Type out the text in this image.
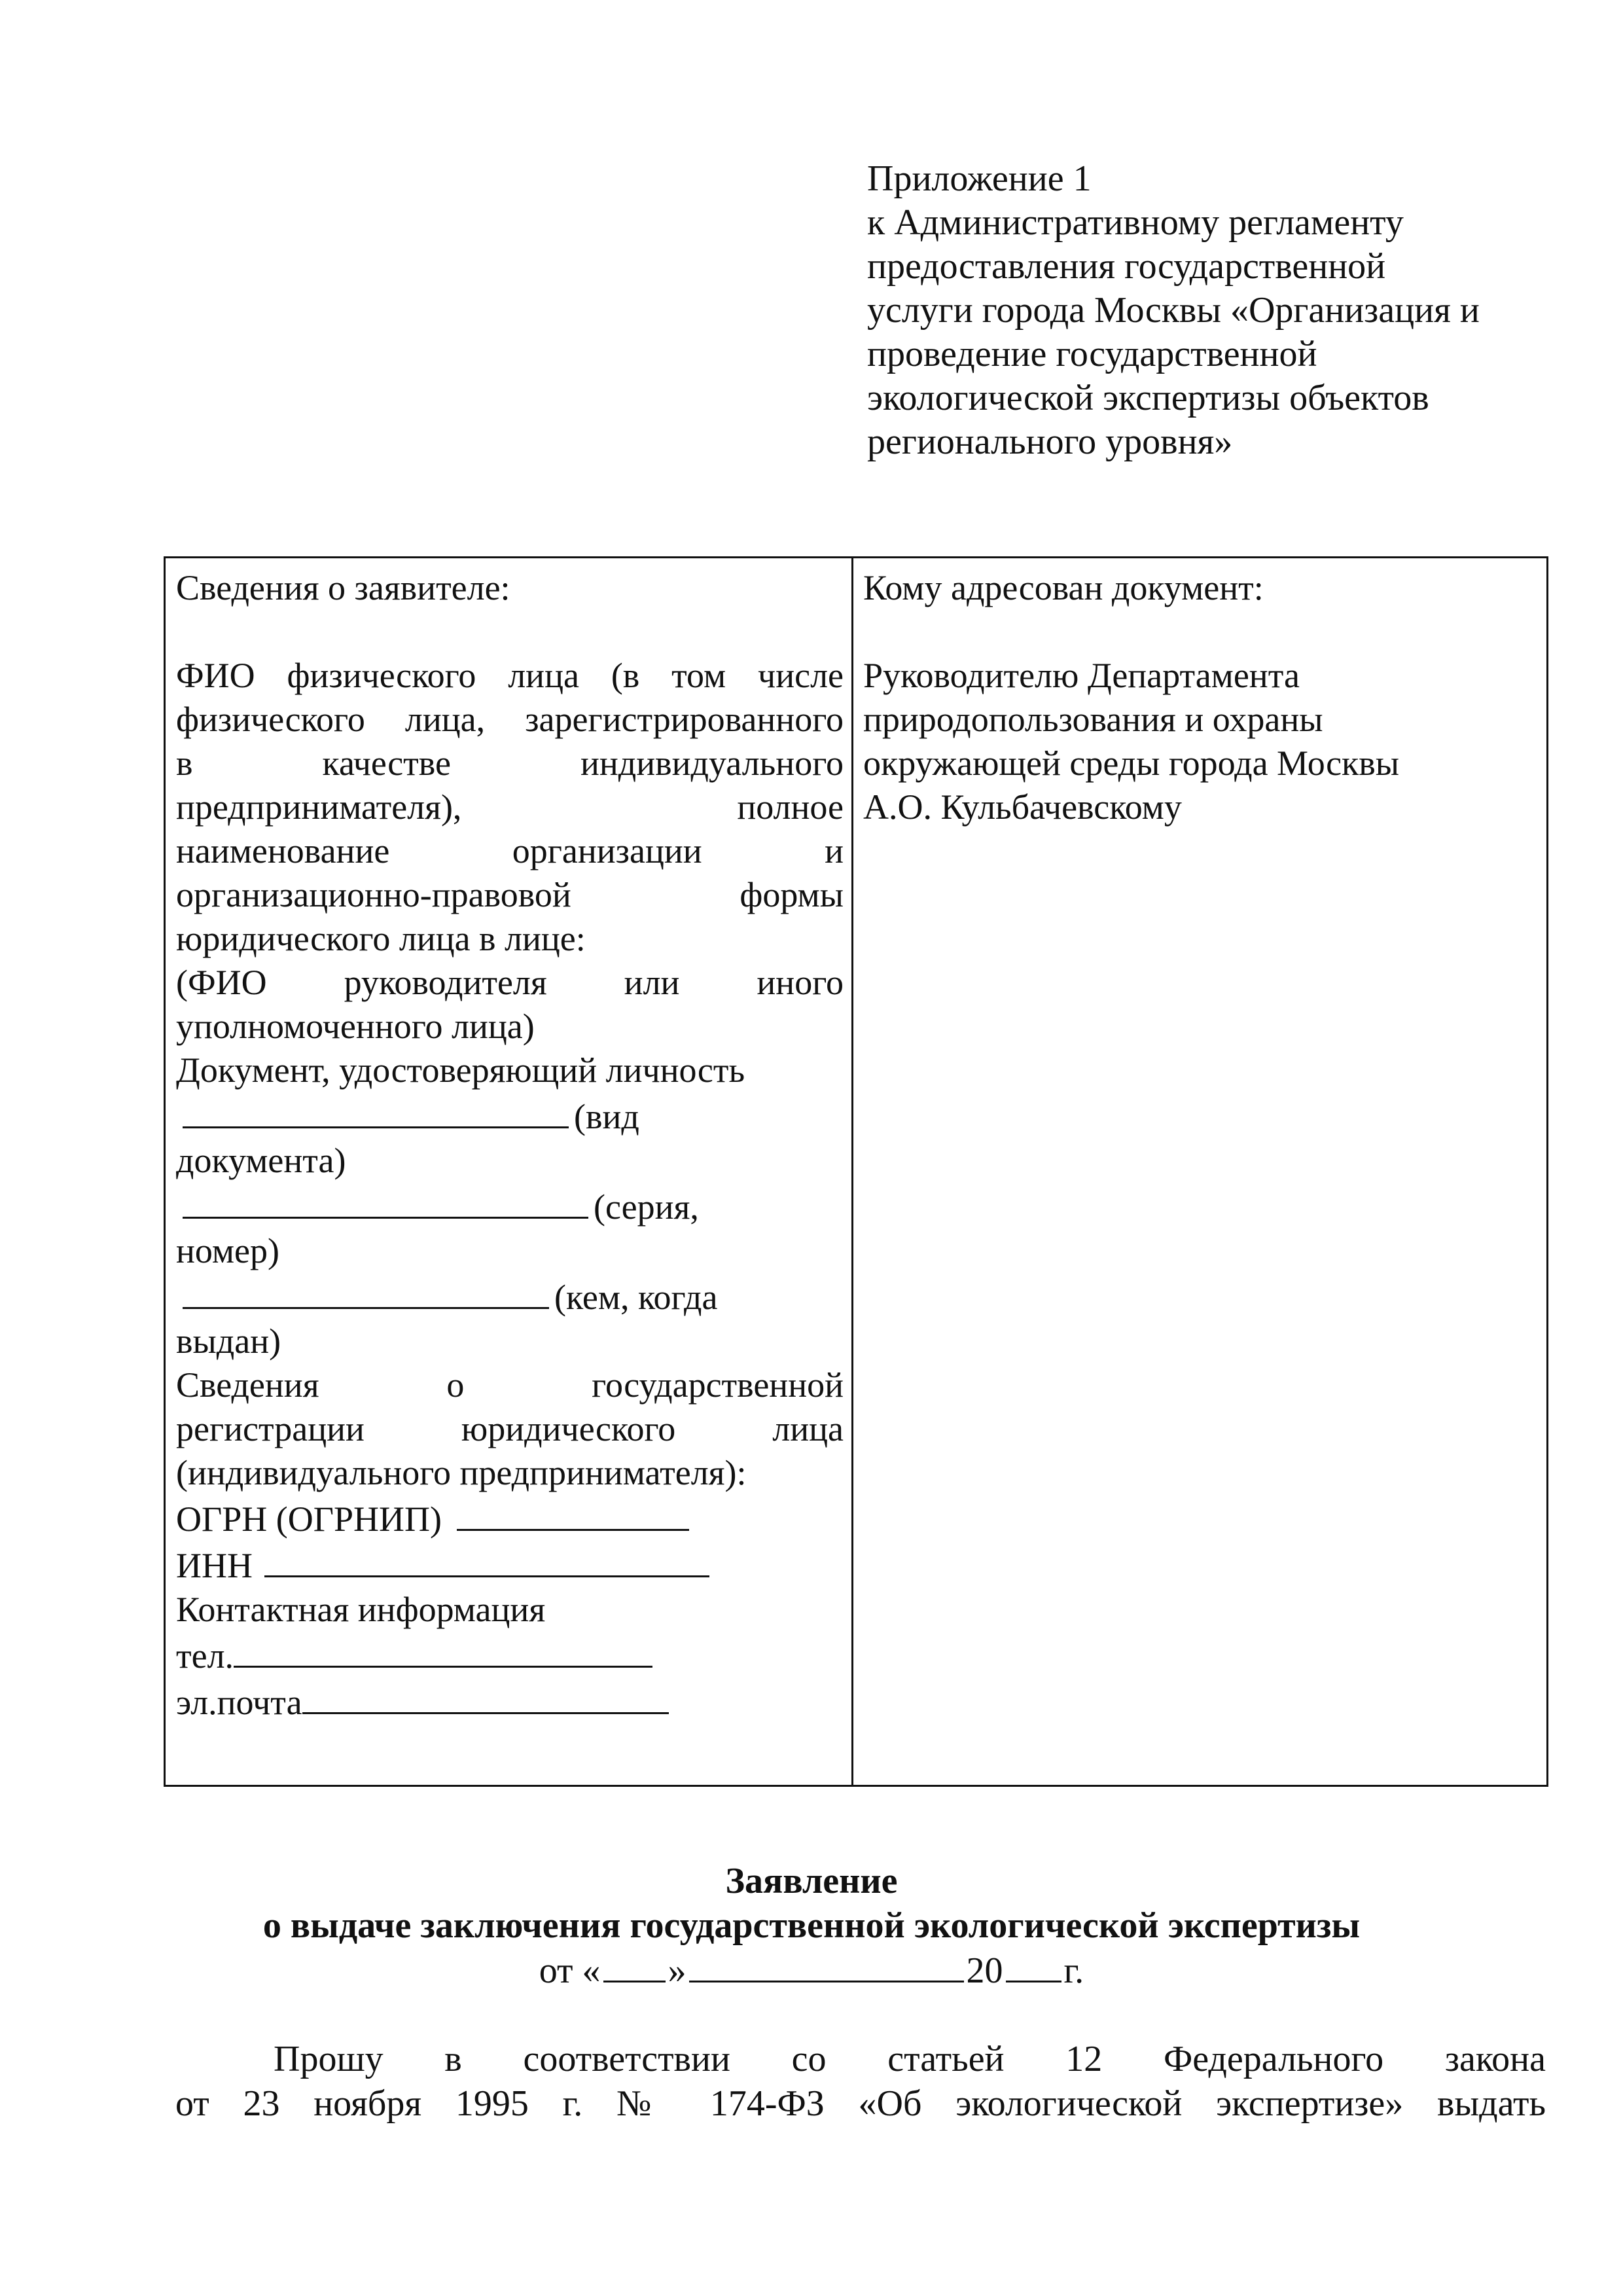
Приложение 1
к Административному регламенту
предоставления государственной
услуги города Москвы «Организация и
проведение государственной
экологической экспертизы объектов
регионального уровня»
Сведения о заявителе:
ФИО физического лица (в том числе
физического лица, зарегистрированного
в качестве индивидуального
предпринимателя), полное
наименование организации и
организационно-правовой формы
юридического лица в лице:
(ФИО руководителя или иного
уполномоченного лица)
Документ, удостоверяющий личность
(вид
документа)
(серия,
номер)
(кем, когда
выдан)
Сведения о государственной
регистрации юридического лица
(индивидуального предпринимателя):
ОГРН (ОГРНИП)
ИНН
Контактная информация
тел.
эл.почта
Кому адресован документ:
Руководителю Департамента
природопользования и охраны
окружающей среды города Москвы
А.О. Кульбачевскому
Заявление
о выдаче заключения государственной экологической экспертизы
от « »	20 г.
Прошу в соответствии со статьей 12 Федерального закона
от 23 ноября 1995 г. № 174-ФЗ «Об экологической экспертизе» выдать
